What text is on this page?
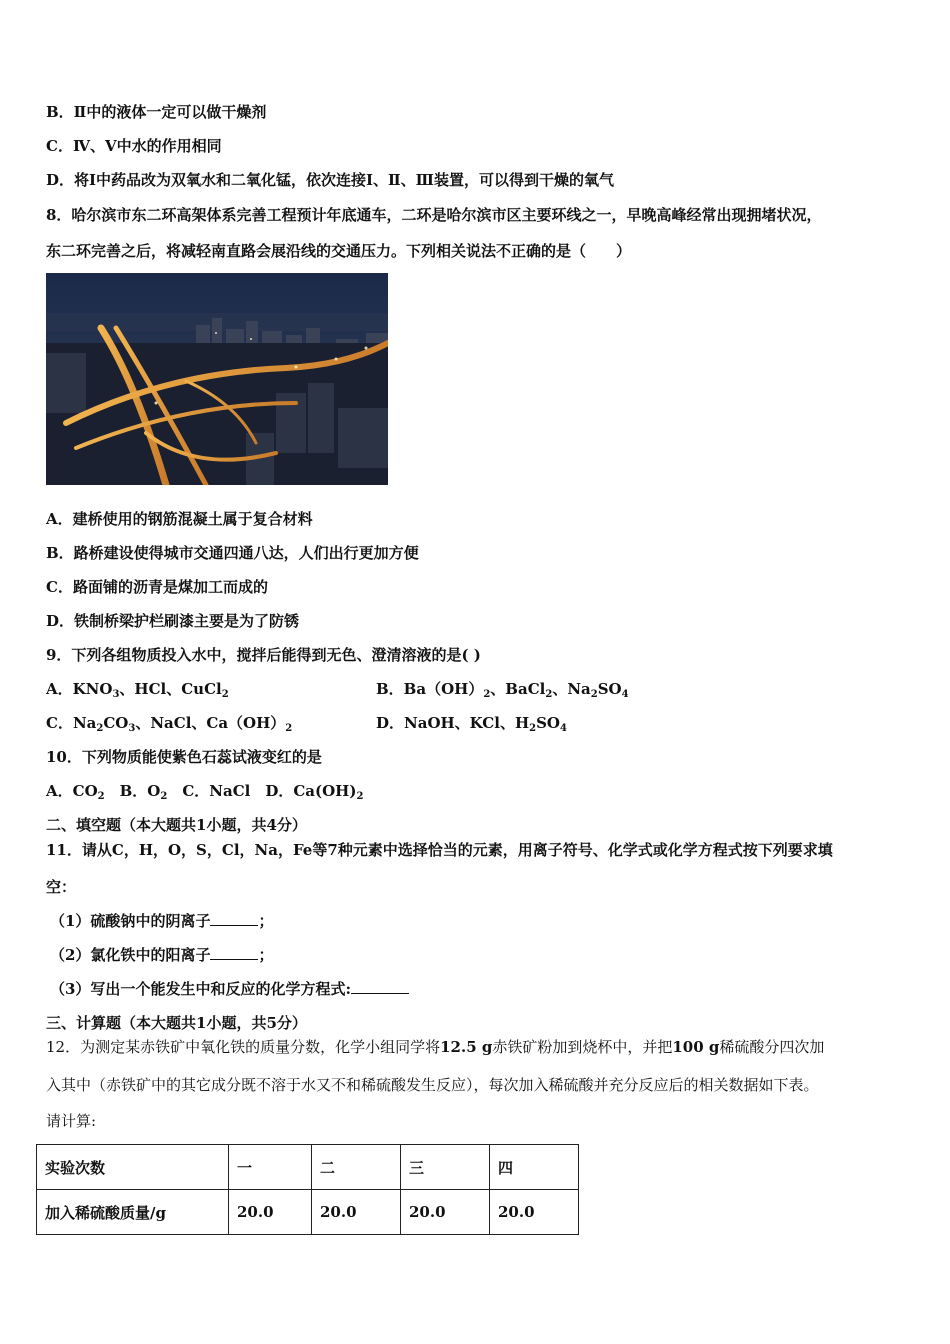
B．Ⅱ中的液体一定可以做干燥剂
C．Ⅳ、Ⅴ中水的作用相同
D．将Ⅰ中药品改为双氧水和二氧化锰，依次连接Ⅰ、Ⅱ、Ⅲ装置，可以得到干燥的氧气
8．哈尔滨市东二环高架体系完善工程预计年底通车，二环是哈尔滨市区主要环线之一，早晚高峰经常出现拥堵状况，
东二环完善之后，将减轻南直路会展沿线的交通压力。下列相关说法不正确的是（　　）
A．建桥使用的钢筋混凝土属于复合材料
B．路桥建设使得城市交通四通八达，人们出行更加方便
C．路面铺的沥青是煤加工而成的
D．铁制桥梁护栏刷漆主要是为了防锈
9．下列各组物质投入水中，搅拌后能得到无色、澄清溶液的是( )
A．$KNO_3$、HCl、CuCl$_2$	B．$Ba(OH)_2$、BaCl$_2$、$Na_2SO_4$
C．$Na_2CO_3$、NaCl、$Ca(OH)_2$	D．NaOH、KCl、$H_2SO_4$
10．下列物质能使紫色石蕊试液变红的是
A．$CO_2$　B．$O_2$　C．NaCl　D．$Ca(OH)_2$
二、填空题（本大题共1小题，共4分）
11．请从C，H，O，S，Cl，Na，Fe等7种元素中选择恰当的元素，用离子符号、化学式或化学方程式按下列要求填
空：
（1）硫酸钠中的阴离子	；
（2）氯化铁中的阳离子	；
（3）写出一个能发生中和反应的化学方程式:
三、计算题（本大题共1小题，共5分）
12．为测定某赤铁矿中氧化铁的质量分数，化学小组同学将12.5 g赤铁矿粉加到烧杯中，并把100 g稀硫酸分四次加
入其中（赤铁矿中的其它成分既不溶于水又不和稀硫酸发生反应），每次加入稀硫酸并充分反应后的相关数据如下表。
请计算:
实验次数	一	二	三	四
加入稀硫酸质量/g	20.0	20.0	20.0	20.0
